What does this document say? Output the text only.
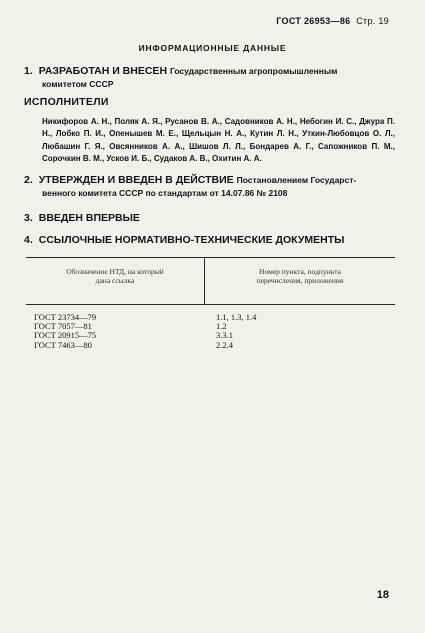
ГОСТ 26953—86 Стр. 19
ИНФОРМАЦИОННЫЕ ДАННЫЕ
1. РАЗРАБОТАН И ВНЕСЕН Государственным агропромышленным
комитетом СССР
ИСПОЛНИТЕЛИ
Никифоров А. Н., Поляк А. Я., Русанов В. А., Садовников А. Н., Небогин И. С., Джура П. Н., Лобко П. И., Опенышев М. Е., Щельцын Н. А., Кутин Л. Н., Уткин-Любовцов О. Л., Любашин Г. Я., Овсянников А. А., Шишов Л. Л., Бондарев А. Г., Сапожников П. М., Сорочкин В. М., Усков И. Б., Судаков А. В., Охитин А. А.
2. УТВЕРЖДЕН И ВВЕДЕН В ДЕЙСТВИЕ Постановлением Государст-
венного комитета СССР по стандартам от 14.07.86 № 2108
3. ВВЕДЕН ВПЕРВЫЕ
4. ССЫЛОЧНЫЕ НОРМАТИВНО-ТЕХНИЧЕСКИЕ ДОКУМЕНТЫ
Обозначение НТД, на который
дана ссылка
Номер пункта, подпункта
перечисления, приложения
ГОСТ 23734—79
ГОСТ 7057—81
ГОСТ 20915—75
ГОСТ 7463—80
1.1, 1.3, 1.4
1.2
3.3.1
2.2.4
18
